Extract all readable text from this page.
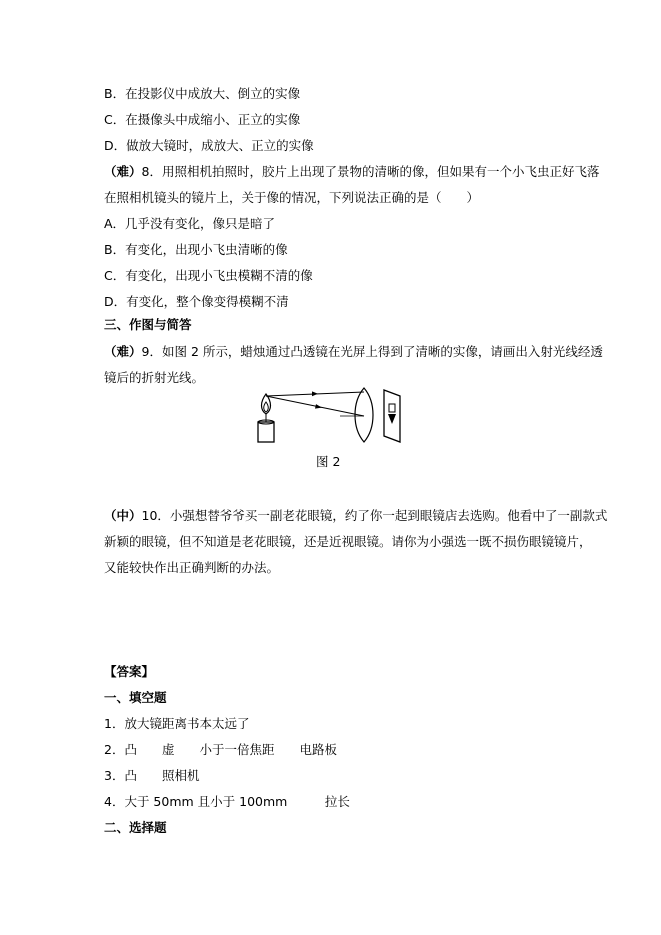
B．在投影仪中成放大、倒立的实像
C．在摄像头中成缩小、正立的实像
D．做放大镜时，成放大、正立的实像
（难）8．用照相机拍照时，胶片上出现了景物的清晰的像，但如果有一个小飞虫正好飞落
在照相机镜头的镜片上，关于像的情况，下列说法正确的是（　　）
A．几乎没有变化，像只是暗了
B．有变化，出现小飞虫清晰的像
C．有变化，出现小飞虫模糊不清的像
D．有变化，整个像变得模糊不清
三、作图与简答
（难）9．如图 2 所示，蜡烛通过凸透镜在光屏上得到了清晰的实像，请画出入射光线经透
镜后的折射光线。
图 2
（中）10．小强想替爷爷买一副老花眼镜，约了你一起到眼镜店去选购。他看中了一副款式
新颖的眼镜，但不知道是老花眼镜，还是近视眼镜。请你为小强选一既不损伤眼镜镜片，
又能较快作出正确判断的办法。
【答案】
一、填空题
1．放大镜距离书本太远了
2．凸　　虚　　小于一倍焦距　　电路板
3．凸　　照相机
4．大于 50mm 且小于 100mm　　　拉长
二、选择题
